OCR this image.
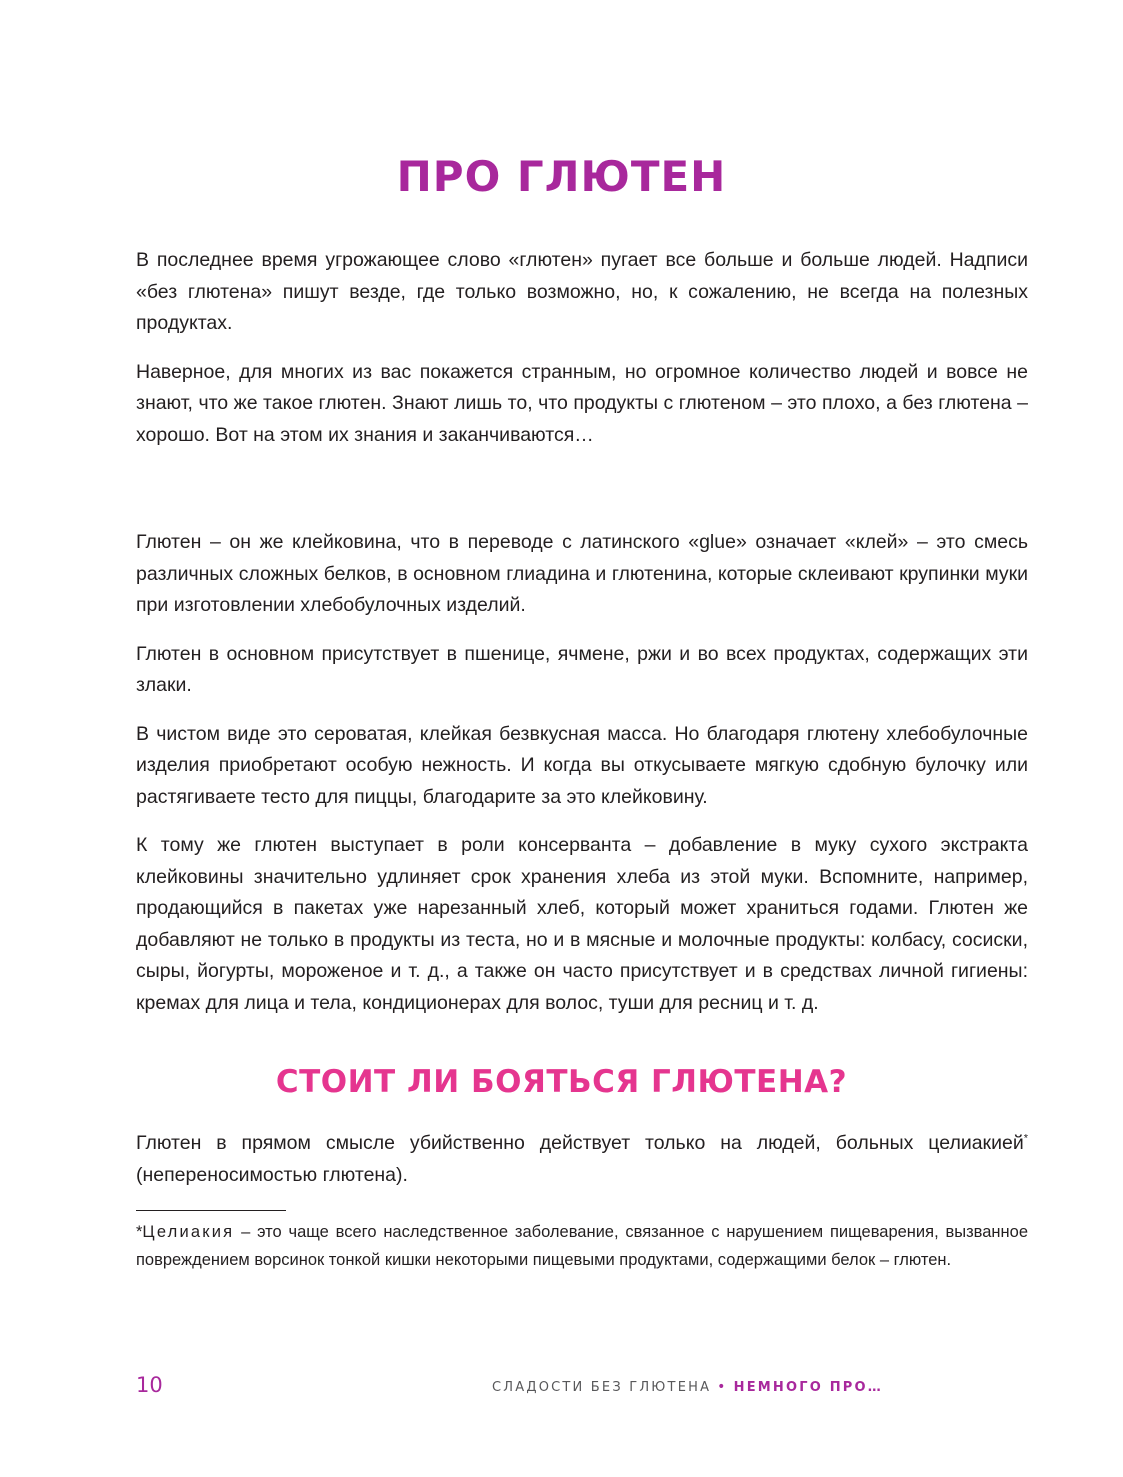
ПРО ГЛЮТЕН

В последнее время угрожающее слово «глютен» пугает все больше и больше людей. Надписи «без глютена» пишут везде, где только возможно, но, к сожалению, не всегда на полезных продуктах.

Наверное, для многих из вас покажется странным, но огромное количество людей и вовсе не знают, что же такое глютен. Знают лишь то, что продукты с глютеном – это плохо, а без глютена – хорошо. Вот на этом их знания и заканчиваются…

Глютен – он же клейковина, что в переводе с латинского «glue» означает «клей» – это смесь различных сложных белков, в основном глиадина и глютенина, которые склеивают крупинки муки при изготовлении хлебобулочных изделий.

Глютен в основном присутствует в пшенице, ячмене, ржи и во всех продуктах, содержащих эти злаки.

В чистом виде это сероватая, клейкая безвкусная масса. Но благодаря глютену хлебобулочные изделия приобретают особую нежность. И когда вы откусываете мягкую сдобную булочку или растягиваете тесто для пиццы, благодарите за это клейковину.

К тому же глютен выступает в роли консерванта – добавление в муку сухого экстракта клейковины значительно удлиняет срок хранения хлеба из этой муки. Вспомните, например, продающийся в пакетах уже нарезанный хлеб, который может храниться годами. Глютен же добавляют не только в продукты из теста, но и в мясные и молочные продукты: колбасу, сосиски, сыры, йогурты, мороженое и т. д., а также он часто присутствует и в средствах личной гигиены: кремах для лица и тела, кондиционерах для волос, туши для ресниц и т. д.

СТОИТ ЛИ БОЯТЬСЯ ГЛЮТЕНА?

Глютен в прямом смысле убийственно действует только на людей, больных целиакией* (непереносимостью глютена).

*Целиакия – это чаще всего наследственное заболевание, связанное с нарушением пищеварения, вызванное повреждением ворсинок тонкой кишки некоторыми пищевыми продуктами, содержащими белок – глютен.

10	СЛАДОСТИ БЕЗ ГЛЮТЕНА • НЕМНОГО ПРО…
